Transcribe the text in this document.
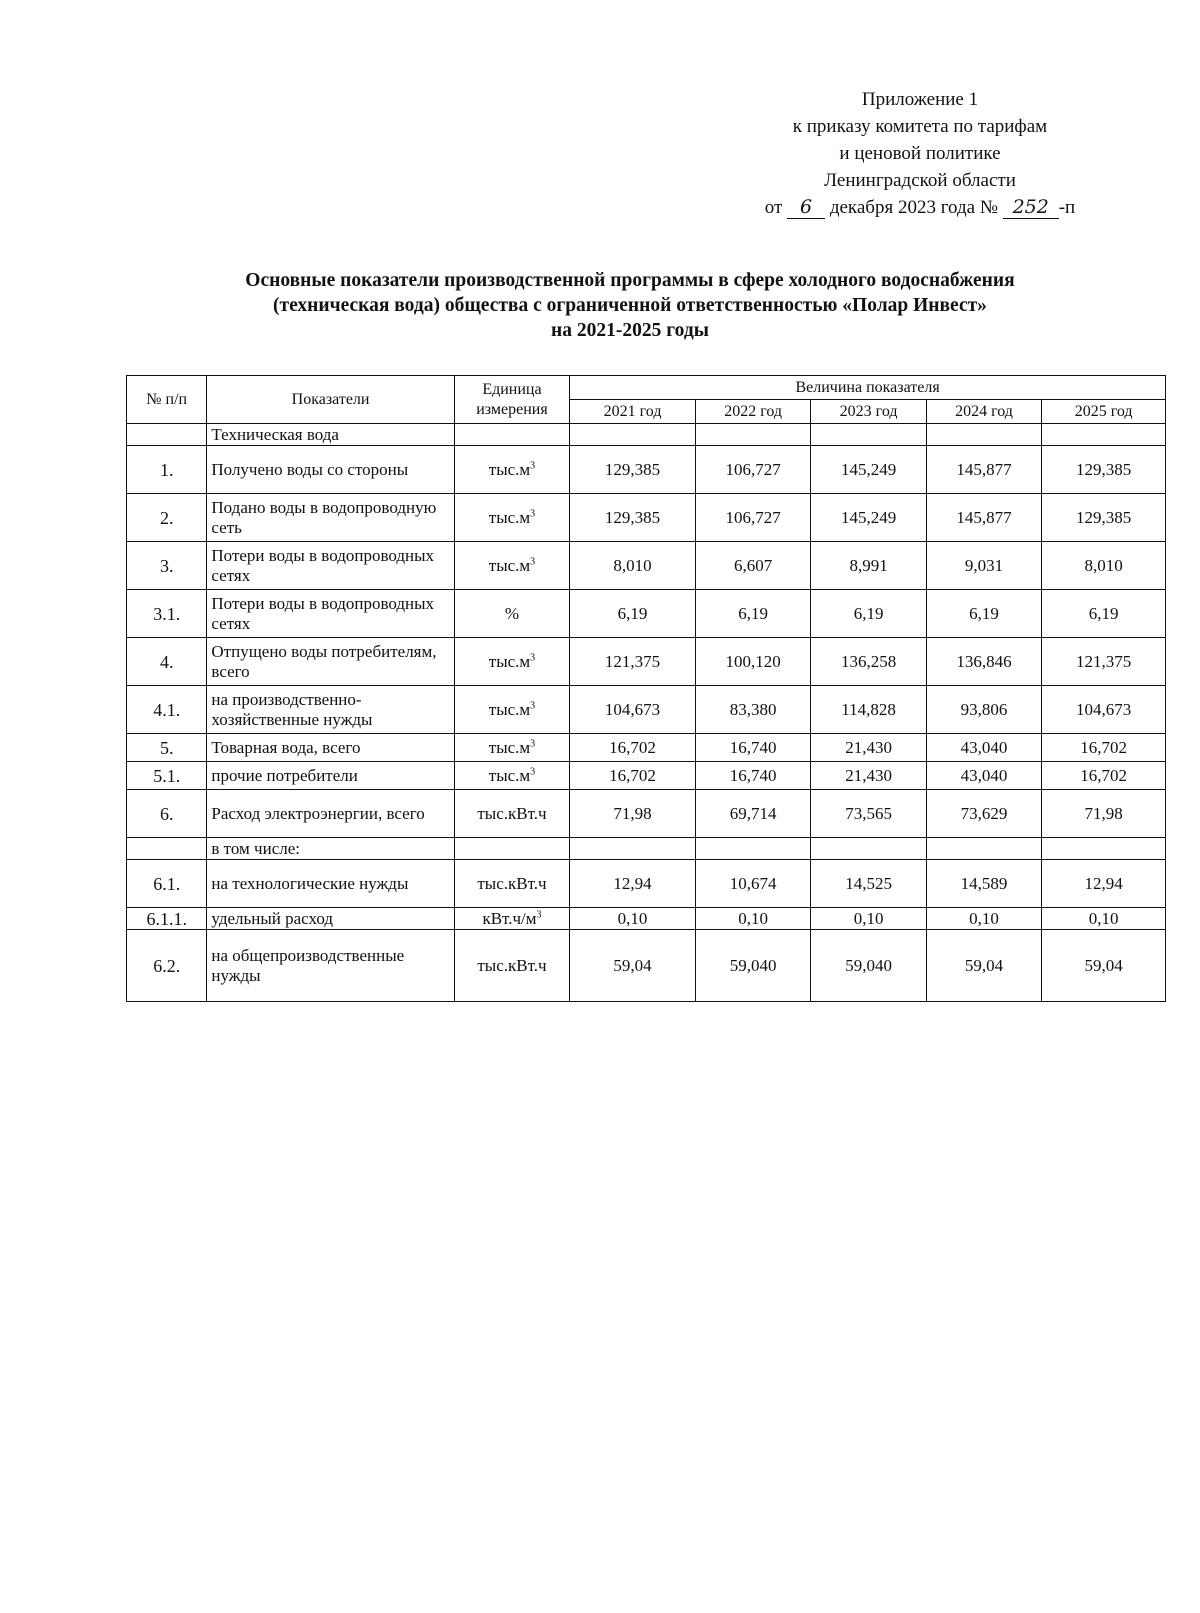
Приложение 1
к приказу комитета по тарифам
и ценовой политике
Ленинградской области
от 6 декабря 2023 года № 252 -п
Основные показатели производственной программы в сфере холодного водоснабжения
(техническая вода) общества с ограниченной ответственностью «Полар Инвест»
на 2021-2025 годы
№ п/п	Показатели	Единица измерения	Величина показателя				
			2021 год	2022 год	2023 год	2024 год	2025 год
	Техническая вода						
1.	Получено воды со стороны	$тыс.м^3$	129,385	106,727	145,249	145,877	129,385
2.	Подано воды в водопроводную сеть	$тыс.м^3$	129,385	106,727	145,249	145,877	129,385
3.	Потери воды в водопроводных сетях	$тыс.м^3$	8,010	6,607	8,991	9,031	8,010
3.1.	Потери воды в водопроводных сетях	%	6,19	6,19	6,19	6,19	6,19
4.	Отпущено воды потребителям, всего	$тыс.м^3$	121,375	100,120	136,258	136,846	121,375
4.1.	на производственно-хозяйственные нужды	$тыс.м^3$	104,673	83,380	114,828	93,806	104,673
5.	Товарная вода, всего	$тыс.м^3$	16,702	16,740	21,430	43,040	16,702
5.1.	прочие потребители	$тыс.м^3$	16,702	16,740	21,430	43,040	16,702
6.	Расход электроэнергии, всего	тыс.кВт.ч	71,98	69,714	73,565	73,629	71,98
	в том числе:						
6.1.	на технологические нужды	тыс.кВт.ч	12,94	10,674	14,525	14,589	12,94
6.1.1.	удельный расход	$кВт.ч/м^3$	0,10	0,10	0,10	0,10	0,10
6.2.	на общепроизводственные нужды	тыс.кВт.ч	59,04	59,040	59,040	59,04	59,04
